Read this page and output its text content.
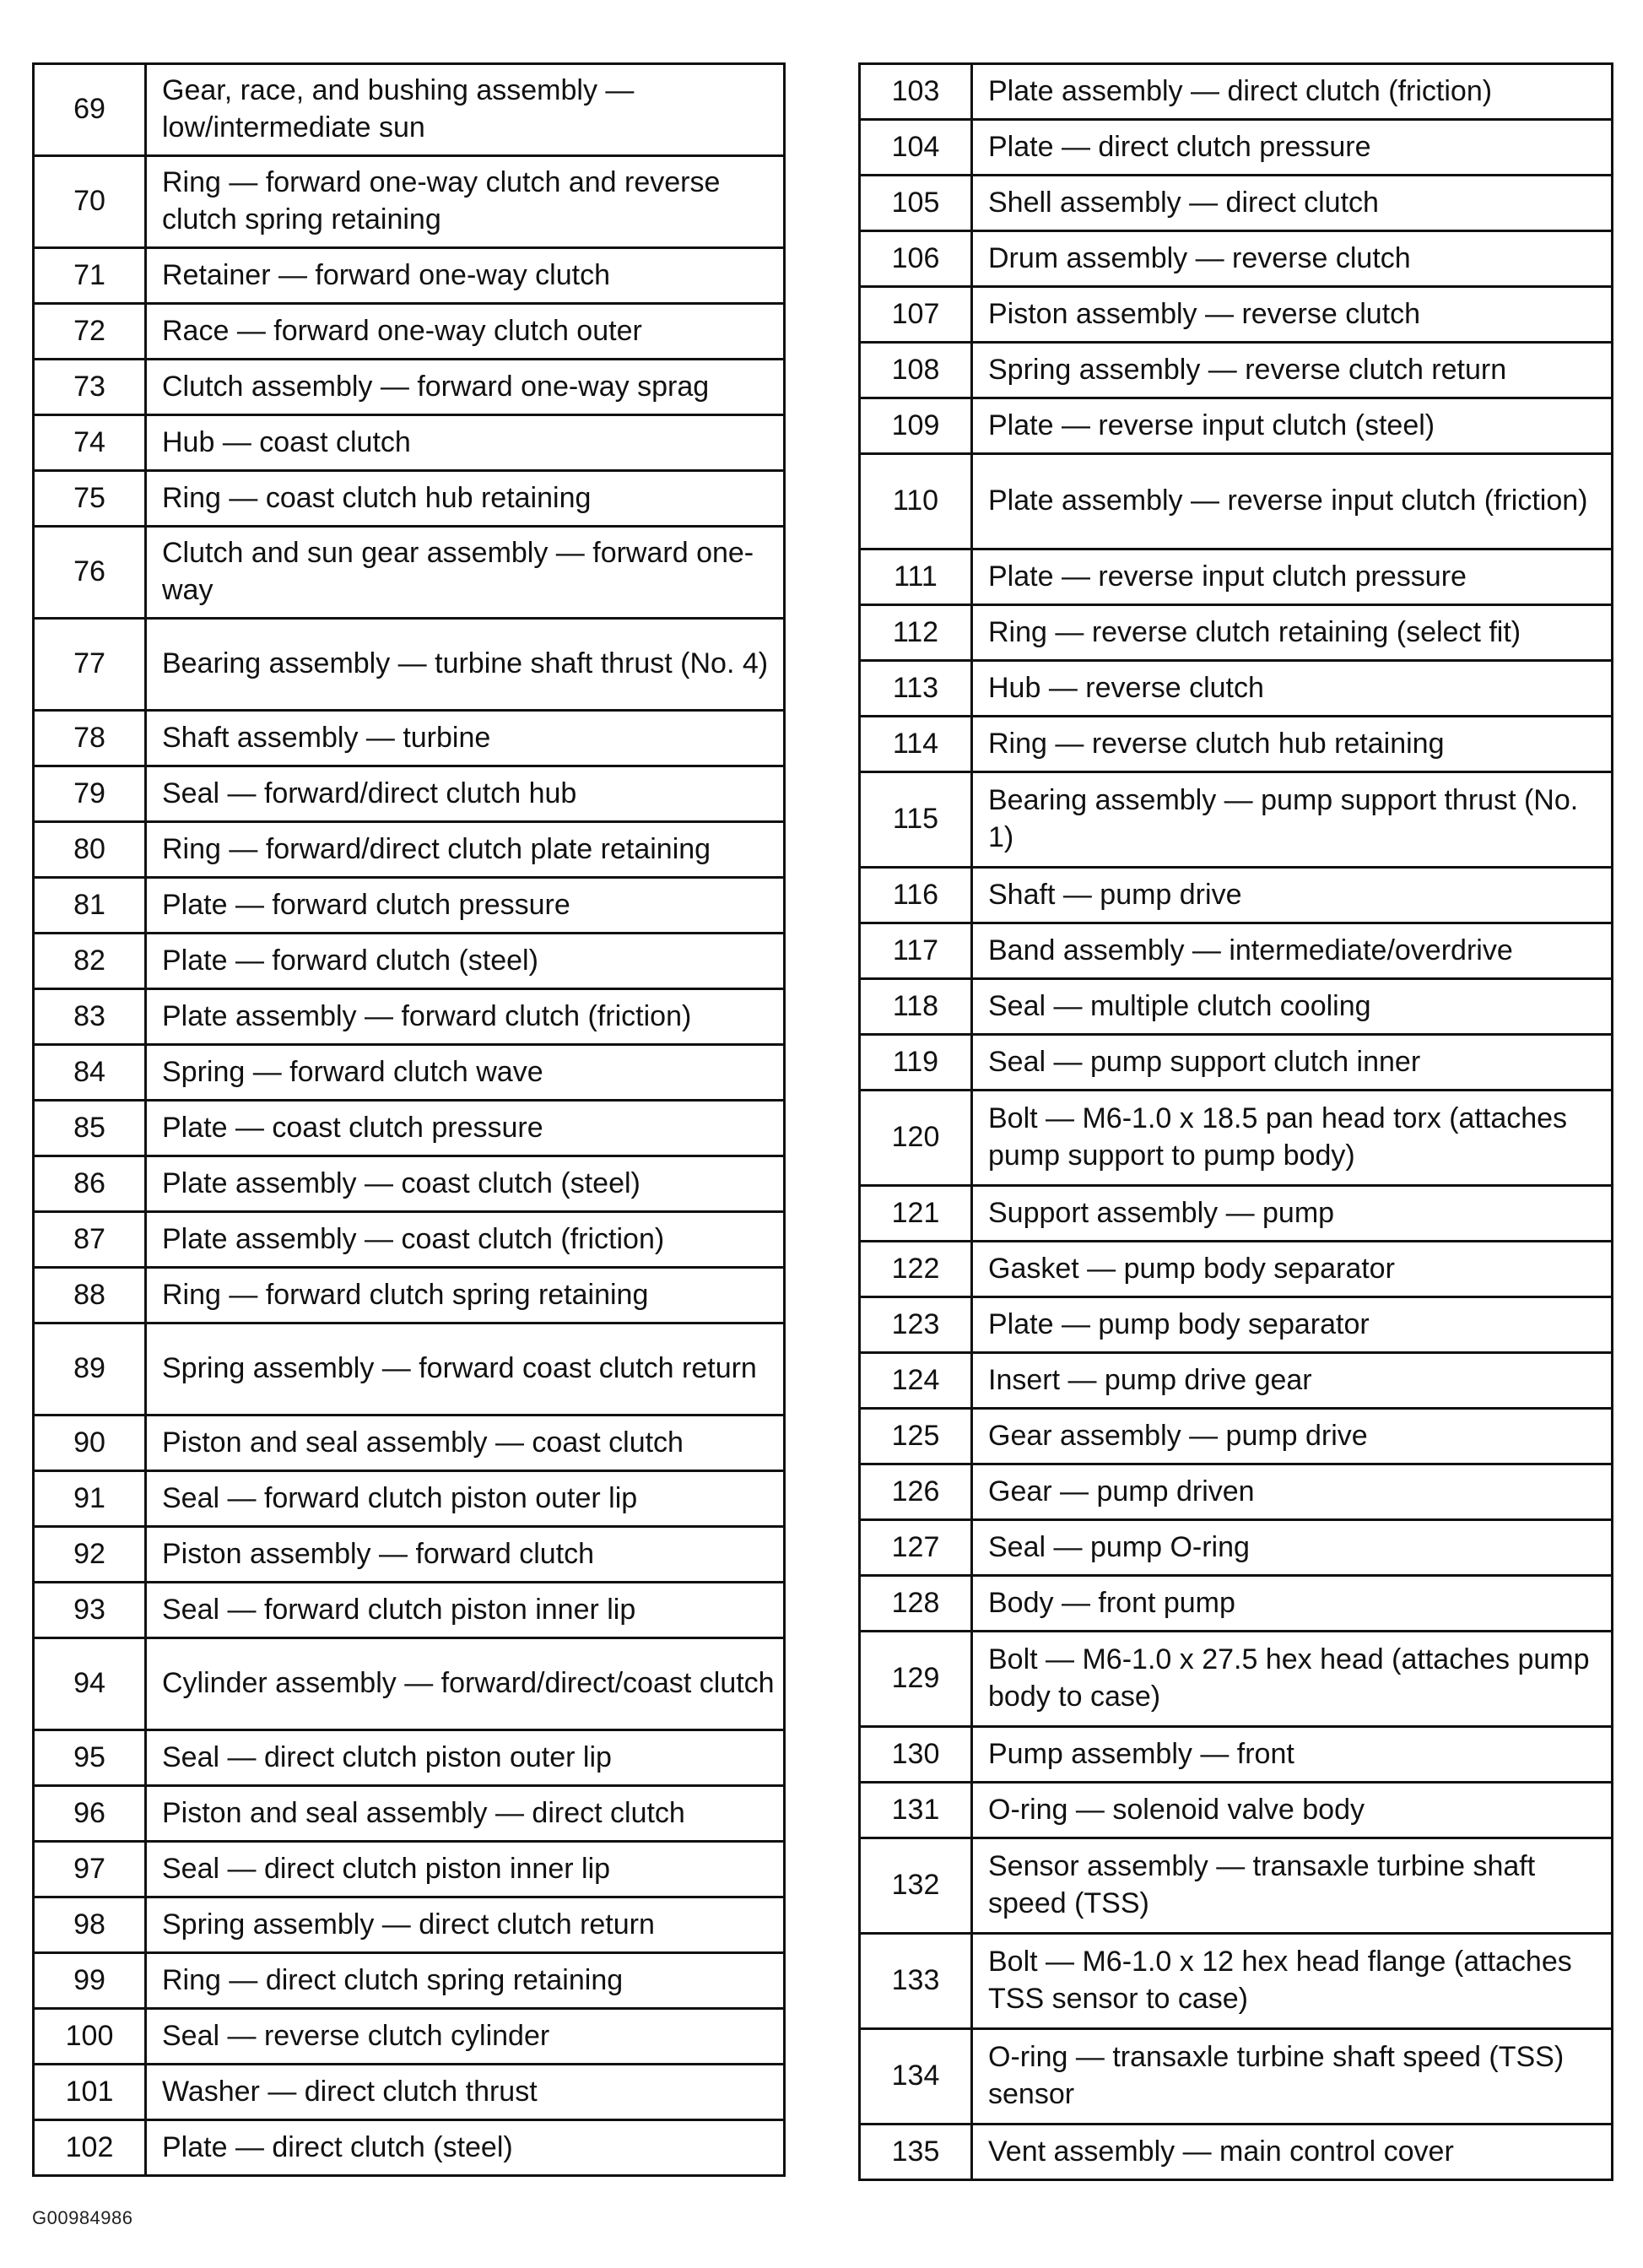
69	Gear, race, and bushing assembly — low/intermediate sun
70	Ring — forward one-way clutch and reverse clutch spring retaining
71	Retainer — forward one-way clutch
72	Race — forward one-way clutch outer
73	Clutch assembly — forward one-way sprag
74	Hub — coast clutch
75	Ring — coast clutch hub retaining
76	Clutch and sun gear assembly — forward one-way
77	Bearing assembly — turbine shaft thrust (No. 4)
78	Shaft assembly — turbine
79	Seal — forward/direct clutch hub
80	Ring — forward/direct clutch plate retaining
81	Plate — forward clutch pressure
82	Plate — forward clutch (steel)
83	Plate assembly — forward clutch (friction)
84	Spring — forward clutch wave
85	Plate — coast clutch pressure
86	Plate assembly — coast clutch (steel)
87	Plate assembly — coast clutch (friction)
88	Ring — forward clutch spring retaining
89	Spring assembly — forward coast clutch return
90	Piston and seal assembly — coast clutch
91	Seal — forward clutch piston outer lip
92	Piston assembly — forward clutch
93	Seal — forward clutch piston inner lip
94	Cylinder assembly — forward/direct/coast clutch
95	Seal — direct clutch piston outer lip
96	Piston and seal assembly — direct clutch
97	Seal — direct clutch piston inner lip
98	Spring assembly — direct clutch return
99	Ring — direct clutch spring retaining
100	Seal — reverse clutch cylinder
101	Washer — direct clutch thrust
102	Plate — direct clutch (steel)
103	Plate assembly — direct clutch (friction)
104	Plate — direct clutch pressure
105	Shell assembly — direct clutch
106	Drum assembly — reverse clutch
107	Piston assembly — reverse clutch
108	Spring assembly — reverse clutch return
109	Plate — reverse input clutch (steel)
110	Plate assembly — reverse input clutch (friction)
111	Plate — reverse input clutch pressure
112	Ring — reverse clutch retaining (select fit)
113	Hub — reverse clutch
114	Ring — reverse clutch hub retaining
115	Bearing assembly — pump support thrust (No. 1)
116	Shaft — pump drive
117	Band assembly — intermediate/overdrive
118	Seal — multiple clutch cooling
119	Seal — pump support clutch inner
120	Bolt — M6-1.0 x 18.5 pan head torx (attaches pump support to pump body)
121	Support assembly — pump
122	Gasket — pump body separator
123	Plate — pump body separator
124	Insert — pump drive gear
125	Gear assembly — pump drive
126	Gear — pump driven
127	Seal — pump O-ring
128	Body — front pump
129	Bolt — M6-1.0 x 27.5 hex head (attaches pump body to case)
130	Pump assembly — front
131	O-ring — solenoid valve body
132	Sensor assembly — transaxle turbine shaft speed (TSS)
133	Bolt — M6-1.0 x 12 hex head flange (attaches TSS sensor to case)
134	O-ring — transaxle turbine shaft speed (TSS) sensor
135	Vent assembly — main control cover
G00984986
